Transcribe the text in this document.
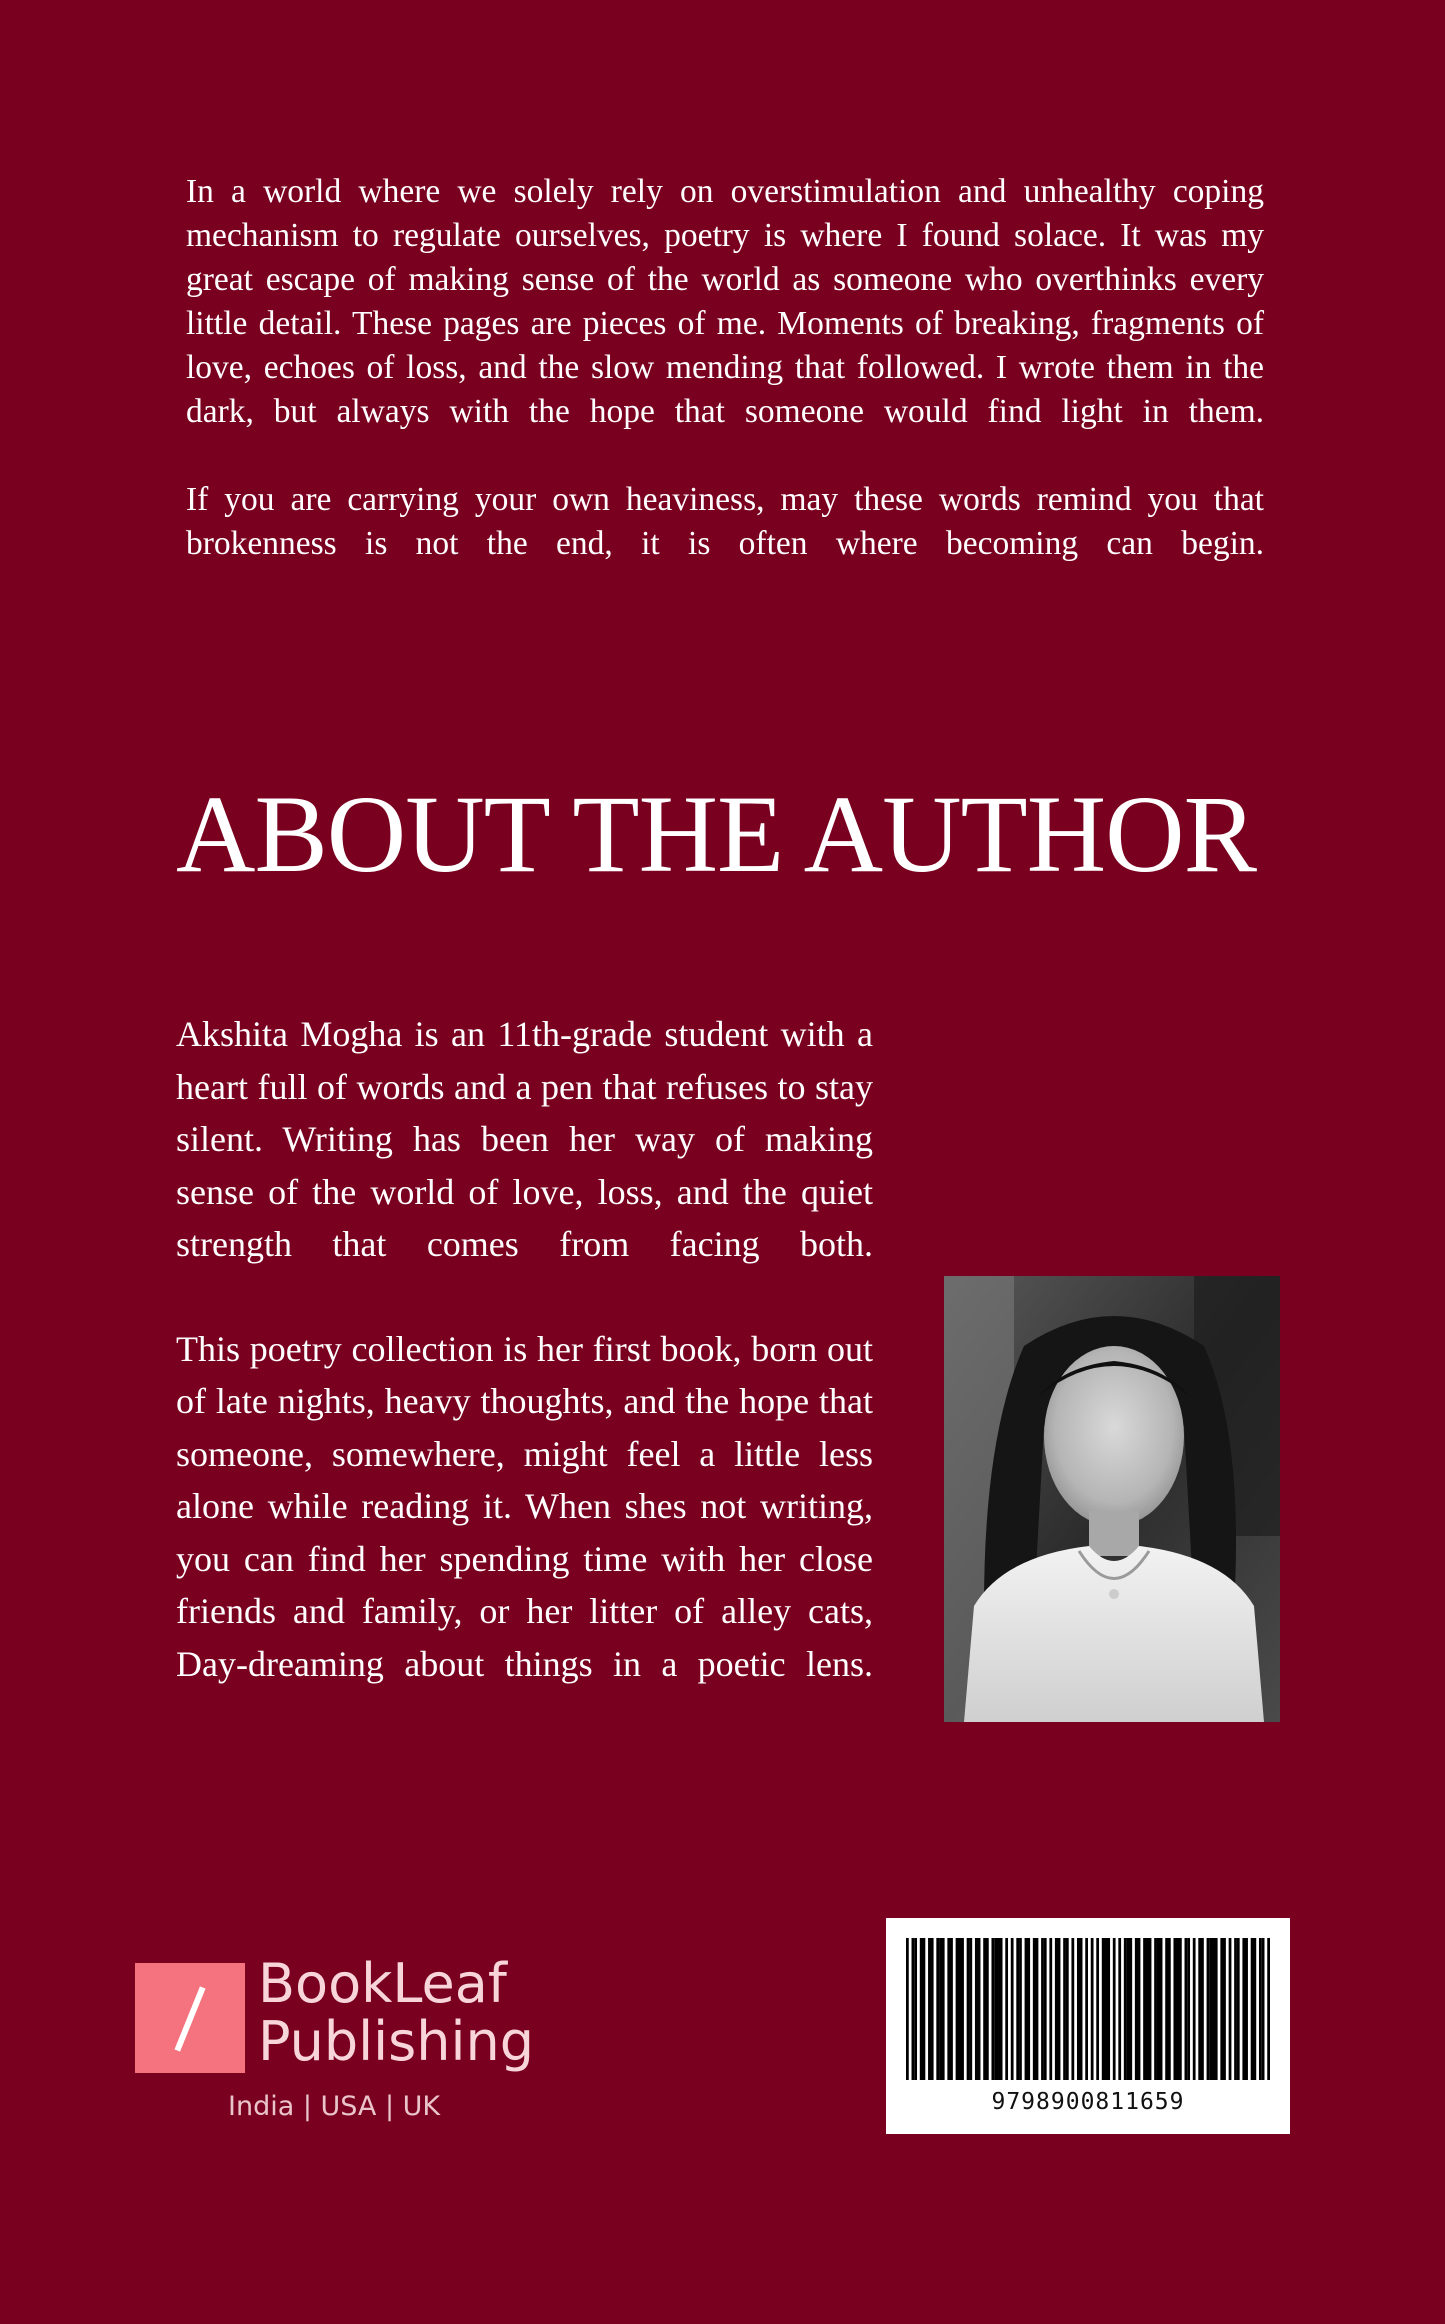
In a world where we solely rely on overstimulation and unhealthy coping mechanism to regulate ourselves, poetry is where I found solace. It was my great escape of making sense of the world as someone who overthinks every little detail. These pages are pieces of me. Moments of breaking, fragments of love, echoes of loss, and the slow mending that followed. I wrote them in the dark, but always with the hope that someone would find light in them.

If you are carrying your own heaviness, may these words remind you that brokenness is not the end, it is often where becoming can begin.

ABOUT THE AUTHOR

Akshita Mogha is an 11th-grade student with a heart full of words and a pen that refuses to stay silent. Writing has been her way of making sense of the world of love, loss, and the quiet strength that comes from facing both.

This poetry collection is her first book, born out of late nights, heavy thoughts, and the hope that someone, somewhere, might feel a little less alone while reading it. When shes not writing, you can find her spending time with her close friends and family, or her litter of alley cats, Day-dreaming about things in a poetic lens.

BookLeaf
Publishing
India | USA | UK	9798900811659
